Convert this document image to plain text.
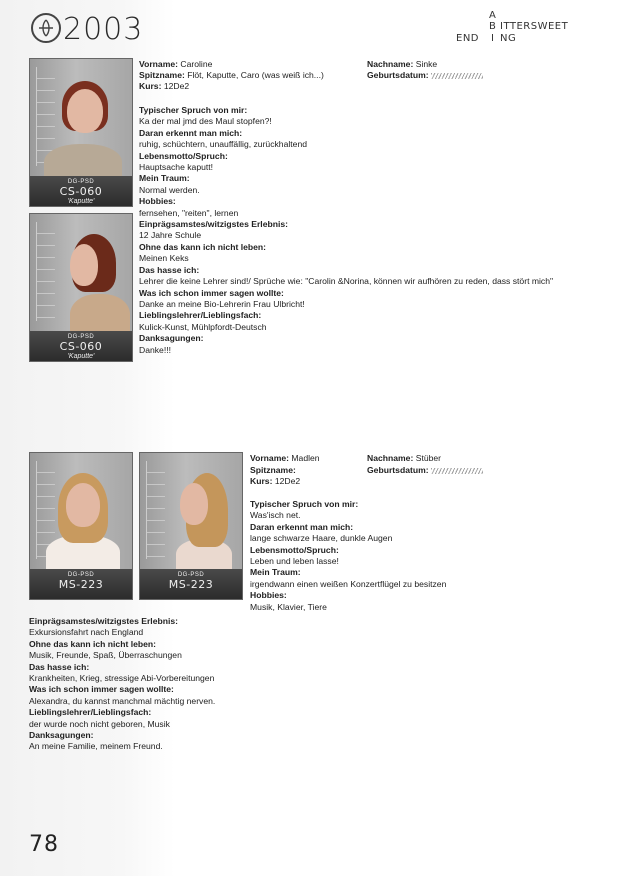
2003	A
B ITTERSWEET
END I NG
DG-PSD
CS-060
'Kaputte'
DG-PSD
CS-060
'Kaputte'
Vorname: Caroline	Nachname: Sinke
Spitzname: Flöt, Kaputte, Caro (was weiß ich...)	Geburtsdatum:
Kurs: 12De2
Typischer Spruch von mir:
Ka der mal jmd des Maul stopfen?!
Daran erkennt man mich:
ruhig, schüchtern, unauffällig, zurückhaltend
Lebensmotto/Spruch:
Hauptsache kaputt!
Mein Traum:
Normal werden.
Hobbies:
fernsehen, "reiten", lernen
Einprägsamstes/witzigstes Erlebnis:
12 Jahre Schule
Ohne das kann ich nicht leben:
Meinen Keks
Das hasse ich:
Lehrer die keine Lehrer sind!/ Sprüche wie: "Carolin &Norina, können wir aufhören zu reden, dass stört mich"
Was ich schon immer sagen wollte:
Danke an meine Bio-Lehrerin Frau Ulbricht!
Lieblingslehrer/Lieblingsfach:
Kulick-Kunst, Mühlpfordt-Deutsch
Danksagungen:
Danke!!!
DG-PSD
MS-223
DG-PSD
MS-223
Vorname: Madlen	Nachname: Stüber
Spitzname:	Geburtsdatum:
Kurs: 12De2
Typischer Spruch von mir:
Was'isch net.
Daran erkennt man mich:
lange schwarze Haare, dunkle Augen
Lebensmotto/Spruch:
Leben und leben lasse!
Mein Traum:
irgendwann einen weißen Konzertflügel zu besitzen
Hobbies:
Musik, Klavier, Tiere
Einprägsamstes/witzigstes Erlebnis:
Exkursionsfahrt nach England
Ohne das kann ich nicht leben:
Musik, Freunde, Spaß, Überraschungen
Das hasse ich:
Krankheiten, Krieg, stressige Abi-Vorbereitungen
Was ich schon immer sagen wollte:
Alexandra, du kannst manchmal mächtig nerven.
Lieblingslehrer/Lieblingsfach:
der wurde noch nicht geboren, Musik
Danksagungen:
An meine Familie, meinem Freund.
78
